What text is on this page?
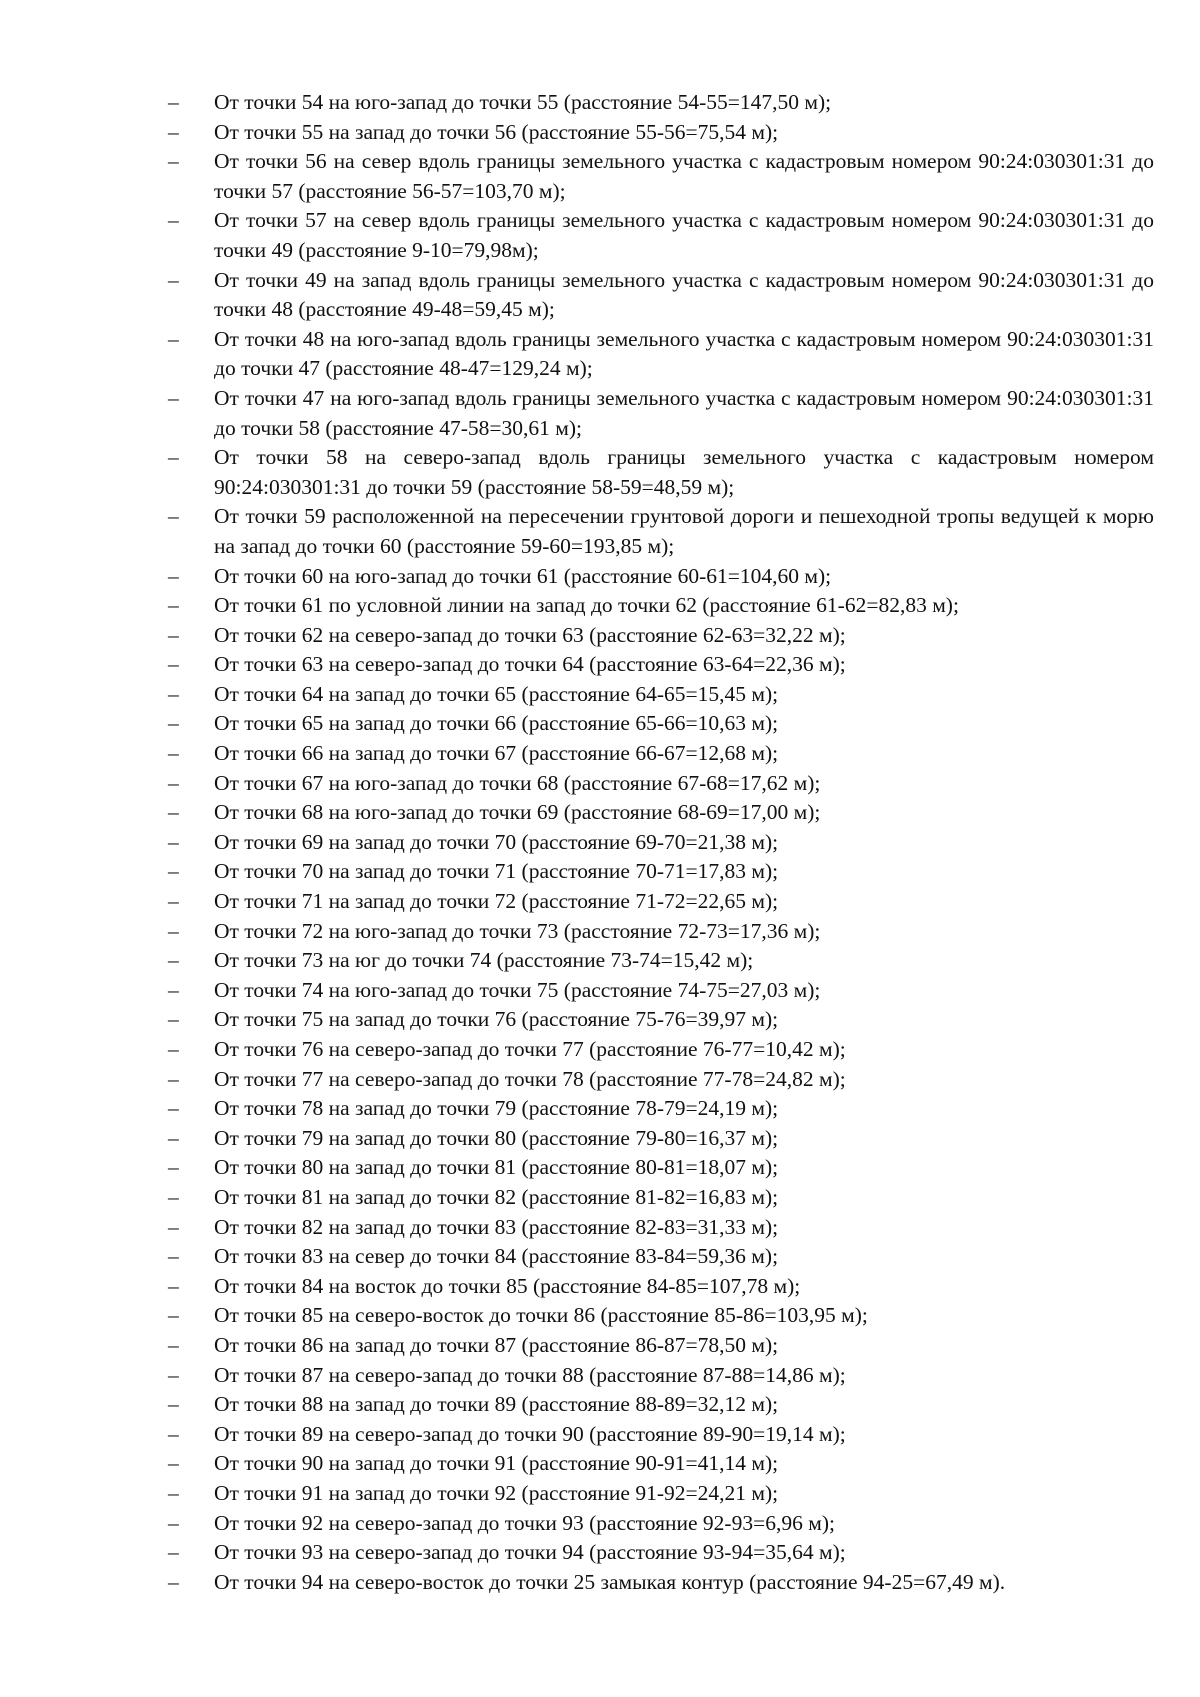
–	От точки 54 на юго-запад до точки 55 (расстояние 54-55=147,50 м);
–	От точки 55 на запад до точки 56 (расстояние 55-56=75,54 м);
–	От точки 56 на север вдоль границы земельного участка с кадастровым номером 90:24:030301:31 до точки 57 (расстояние 56-57=103,70 м);
–	От точки 57 на север вдоль границы земельного участка с кадастровым номером 90:24:030301:31 до точки 49 (расстояние 9-10=79,98м);
–	От точки 49 на запад вдоль границы земельного участка с кадастровым номером 90:24:030301:31 до точки 48 (расстояние 49-48=59,45 м);
–	От точки 48 на юго-запад вдоль границы земельного участка с кадастровым номером 90:24:030301:31 до точки 47 (расстояние 48-47=129,24 м);
–	От точки 47 на юго-запад вдоль границы земельного участка с кадастровым номером 90:24:030301:31 до точки 58 (расстояние 47-58=30,61 м);
–	От точки 58 на северо-запад вдоль границы земельного участка с кадастровым номером 90:24:030301:31 до точки 59 (расстояние 58-59=48,59 м);
–	От точки 59 расположенной на пересечении грунтовой дороги и пешеходной тропы ведущей к морю на запад до точки 60 (расстояние 59-60=193,85 м);
–	От точки 60 на юго-запад до точки 61 (расстояние 60-61=104,60 м);
–	От точки 61 по условной линии на запад до точки 62 (расстояние 61-62=82,83 м);
–	От точки 62 на северо-запад до точки 63 (расстояние 62-63=32,22 м);
–	От точки 63 на северо-запад до точки 64 (расстояние 63-64=22,36 м);
–	От точки 64 на запад до точки 65 (расстояние 64-65=15,45 м);
–	От точки 65 на запад до точки 66 (расстояние 65-66=10,63 м);
–	От точки 66 на запад до точки 67 (расстояние 66-67=12,68 м);
–	От точки 67 на юго-запад до точки 68 (расстояние 67-68=17,62 м);
–	От точки 68 на юго-запад до точки 69 (расстояние 68-69=17,00 м);
–	От точки 69 на запад до точки 70 (расстояние 69-70=21,38 м);
–	От точки 70 на запад до точки 71 (расстояние 70-71=17,83 м);
–	От точки 71 на запад до точки 72 (расстояние 71-72=22,65 м);
–	От точки 72 на юго-запад до точки 73 (расстояние 72-73=17,36 м);
–	От точки 73 на юг до точки 74 (расстояние 73-74=15,42 м);
–	От точки 74 на юго-запад до точки 75 (расстояние 74-75=27,03 м);
–	От точки 75 на запад до точки 76 (расстояние 75-76=39,97 м);
–	От точки 76 на северо-запад до точки 77 (расстояние 76-77=10,42 м);
–	От точки 77 на северо-запад до точки 78 (расстояние 77-78=24,82 м);
–	От точки 78 на запад до точки 79 (расстояние 78-79=24,19 м);
–	От точки 79 на запад до точки 80 (расстояние 79-80=16,37 м);
–	От точки 80 на запад до точки 81 (расстояние 80-81=18,07 м);
–	От точки 81 на запад до точки 82 (расстояние 81-82=16,83 м);
–	От точки 82 на запад до точки 83 (расстояние 82-83=31,33 м);
–	От точки 83 на север до точки 84 (расстояние 83-84=59,36 м);
–	От точки 84 на восток до точки 85 (расстояние 84-85=107,78 м);
–	От точки 85 на северо-восток до точки 86 (расстояние 85-86=103,95 м);
–	От точки 86 на запад до точки 87 (расстояние 86-87=78,50 м);
–	От точки 87 на северо-запад до точки 88 (расстояние 87-88=14,86 м);
–	От точки 88 на запад до точки 89 (расстояние 88-89=32,12 м);
–	От точки 89 на северо-запад до точки 90 (расстояние 89-90=19,14 м);
–	От точки 90 на запад до точки 91 (расстояние 90-91=41,14 м);
–	От точки 91 на запад до точки 92 (расстояние 91-92=24,21 м);
–	От точки 92 на северо-запад до точки 93 (расстояние 92-93=6,96 м);
–	От точки 93 на северо-запад до точки 94 (расстояние 93-94=35,64 м);
–	От точки 94 на северо-восток до точки 25 замыкая контур (расстояние 94-25=67,49 м).
